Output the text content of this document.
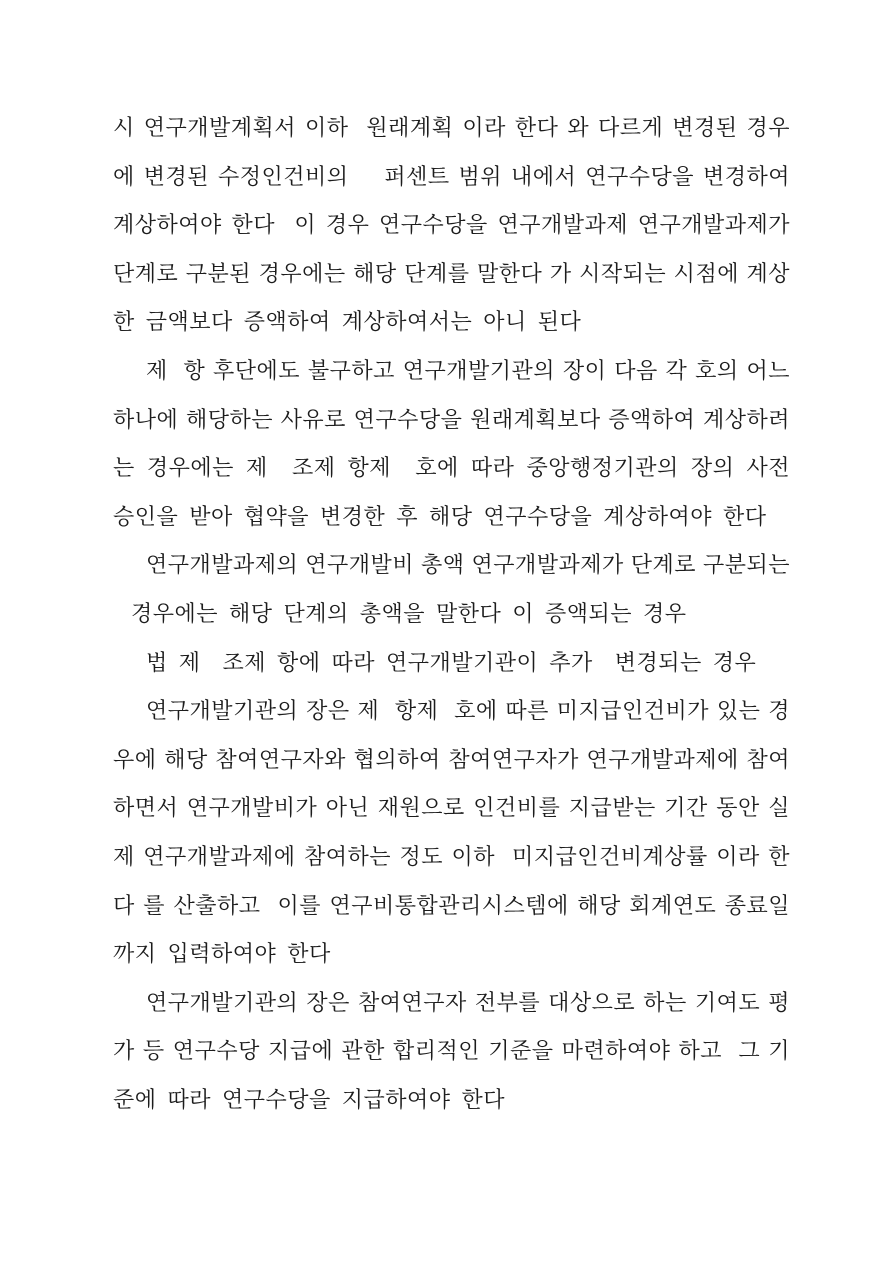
시 연구개발계획서 이하  원래계획 이라 한다 와 다르게 변경된 경우
에 변경된 수정인건비의    퍼센트 범위 내에서 연구수당을 변경하여
계상하여야 한다  이 경우 연구수당을 연구개발과제 연구개발과제가
단계로 구분된 경우에는 해당 단계를 말한다 가 시작되는 시점에 계상
한 금액보다 증액하여 계상하여서는 아니 된다
제  항 후단에도 불구하고 연구개발기관의 장이 다음 각 호의 어느
하나에 해당하는 사유로 연구수당을 원래계획보다 증액하여 계상하려
는 경우에는 제  조제 항제  호에 따라 중앙행정기관의 장의 사전
승인을 받아 협약을 변경한 후 해당 연구수당을 계상하여야 한다
연구개발과제의 연구개발비 총액 연구개발과제가 단계로 구분되는
경우에는 해당 단계의 총액을 말한다 이 증액되는 경우
법 제  조제 항에 따라 연구개발기관이 추가  변경되는 경우
연구개발기관의 장은 제  항제  호에 따른 미지급인건비가 있는 경
우에 해당 참여연구자와 협의하여 참여연구자가 연구개발과제에 참여
하면서 연구개발비가 아닌 재원으로 인건비를 지급받는 기간 동안 실
제 연구개발과제에 참여하는 정도 이하  미지급인건비계상률 이라 한
다 를 산출하고  이를 연구비통합관리시스템에 해당 회계연도 종료일
까지 입력하여야 한다
연구개발기관의 장은 참여연구자 전부를 대상으로 하는 기여도 평
가 등 연구수당 지급에 관한 합리적인 기준을 마련하여야 하고  그 기
준에 따라 연구수당을 지급하여야 한다
